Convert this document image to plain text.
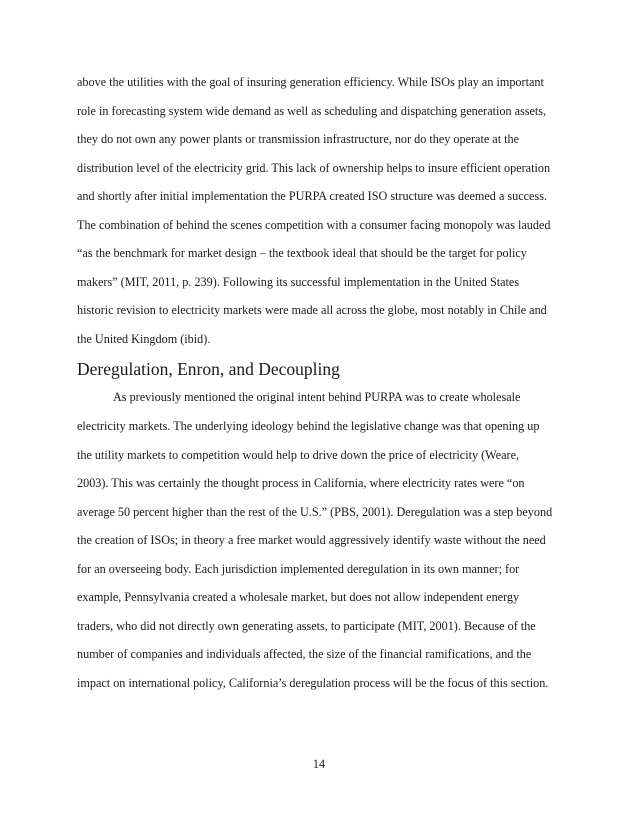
above the utilities with the goal of insuring generation efficiency. While ISOs play an important
role in forecasting system wide demand as well as scheduling and dispatching generation assets,
they do not own any power plants or transmission infrastructure, nor do they operate at the
distribution level of the electricity grid. This lack of ownership helps to insure efficient operation
and shortly after initial implementation the PURPA created ISO structure was deemed a success.
The combination of behind the scenes competition with a consumer facing monopoly was lauded
“as the benchmark for market design – the textbook ideal that should be the target for policy
makers” (MIT, 2011, p. 239). Following its successful implementation in the United States
historic revision to electricity markets were made all across the globe, most notably in Chile and
the United Kingdom (ibid).
Deregulation, Enron, and Decoupling
As previously mentioned the original intent behind PURPA was to create wholesale
electricity markets. The underlying ideology behind the legislative change was that opening up
the utility markets to competition would help to drive down the price of electricity (Weare,
2003). This was certainly the thought process in California, where electricity rates were “on
average 50 percent higher than the rest of the U.S.” (PBS, 2001). Deregulation was a step beyond
the creation of ISOs; in theory a free market would aggressively identify waste without the need
for an overseeing body. Each jurisdiction implemented deregulation in its own manner; for
example, Pennsylvania created a wholesale market, but does not allow independent energy
traders, who did not directly own generating assets, to participate (MIT, 2001). Because of the
number of companies and individuals affected, the size of the financial ramifications, and the
impact on international policy, California’s deregulation process will be the focus of this section.
14
